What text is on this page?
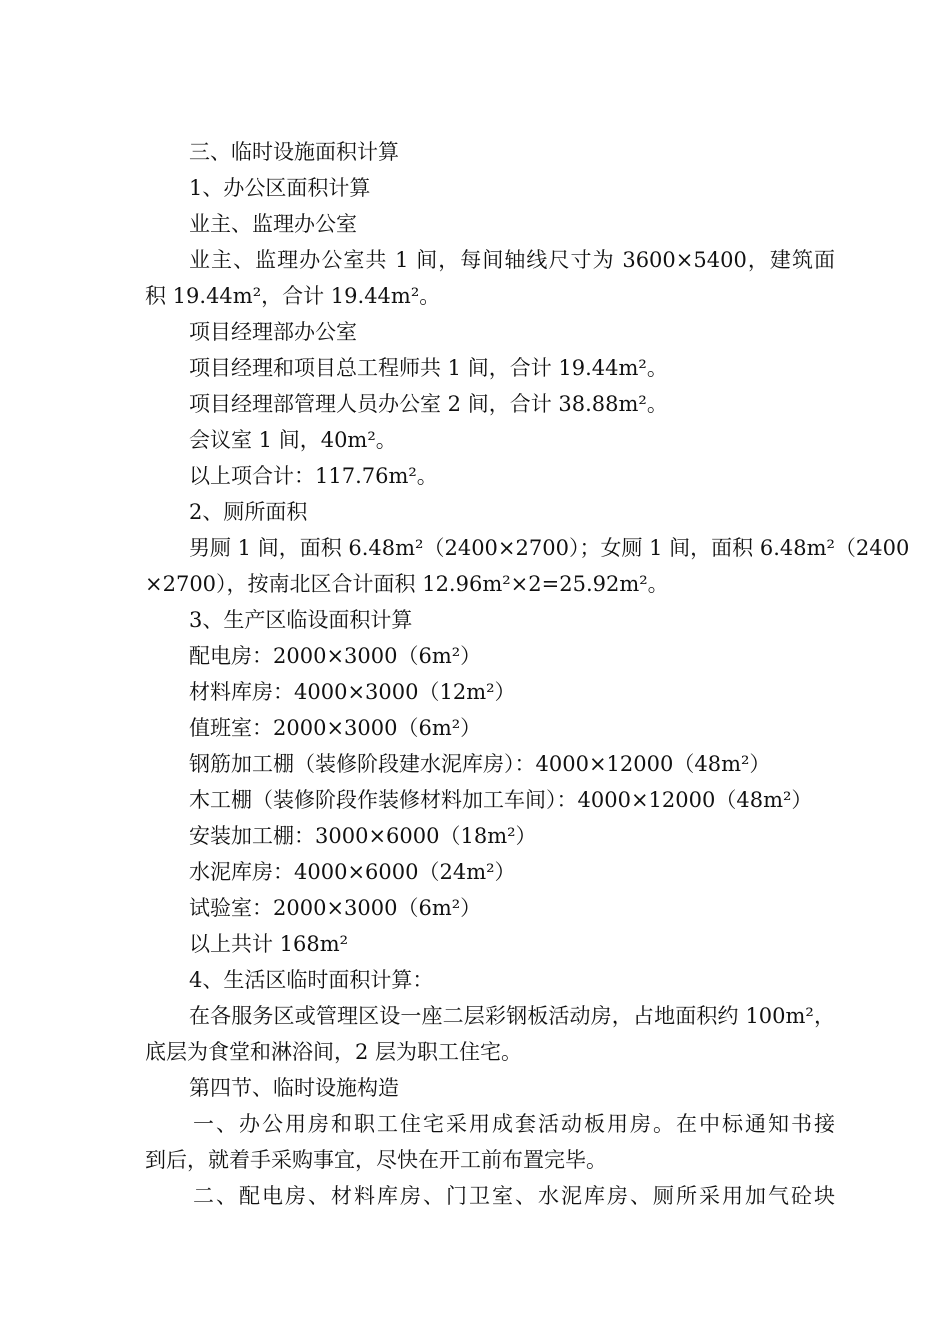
三、临时设施面积计算
1、办公区面积计算
业主、监理办公室
业主、监理办公室共 1 间，每间轴线尺寸为 3600×5400，建筑面
积 19.44m²，合计 19.44m²。
项目经理部办公室
项目经理和项目总工程师共 1 间，合计 19.44m²。
项目经理部管理人员办公室 2 间，合计 38.88m²。
会议室 1 间，40m²。
以上项合计：117.76m²。
2、厕所面积
男厕 1 间，面积 6.48m²（2400×2700）；女厕 1 间，面积 6.48m²（2400
×2700），按南北区合计面积 12.96m²×2=25.92m²。
3、生产区临设面积计算
配电房：2000×3000（6m²）
材料库房：4000×3000（12m²）
值班室：2000×3000（6m²）
钢筋加工棚（装修阶段建水泥库房）：4000×12000（48m²）
木工棚（装修阶段作装修材料加工车间）：4000×12000（48m²）
安装加工棚：3000×6000（18m²）
水泥库房：4000×6000（24m²）
试验室：2000×3000（6m²）
以上共计 168m²
4、生活区临时面积计算：
在各服务区或管理区设一座二层彩钢板活动房，占地面积约 100m²，
底层为食堂和淋浴间，2 层为职工住宅。
第四节、临时设施构造
一、办公用房和职工住宅采用成套活动板用房。在中标通知书接
到后，就着手采购事宜，尽快在开工前布置完毕。
二、配电房、材料库房、门卫室、水泥库房、厕所采用加气砼块
